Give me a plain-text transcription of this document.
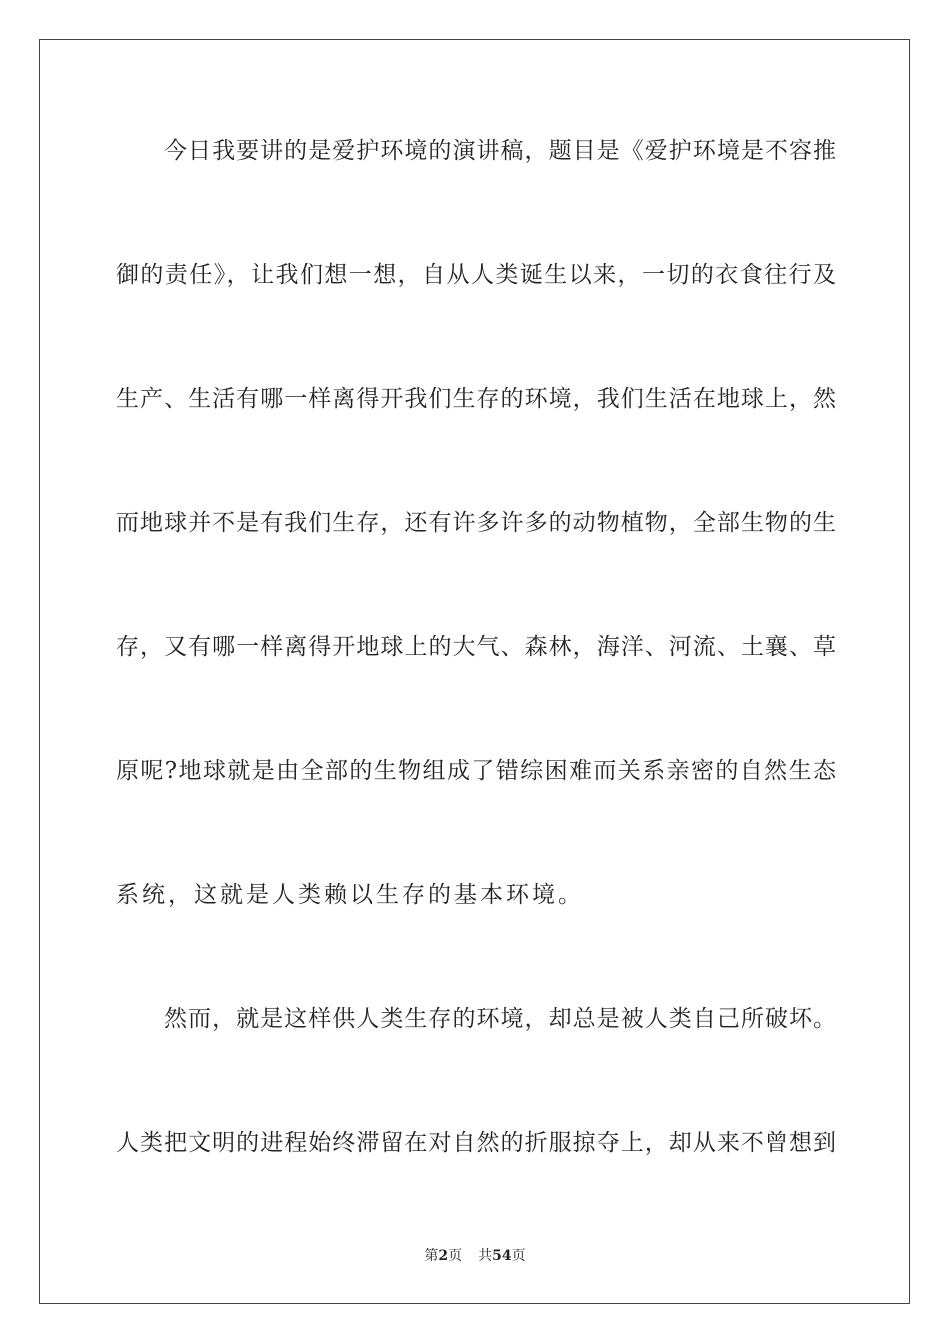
今日我要讲的是爱护环境的演讲稿，题目是《爱护环境是不容推
御的责任》，让我们想一想，自从人类诞生以来，一切的衣食往行及
生产、生活有哪一样离得开我们生存的环境，我们生活在地球上，然
而地球并不是有我们生存，还有许多许多的动物植物，全部生物的生
存，又有哪一样离得开地球上的大气、森林，海洋、河流、土襄、草
原呢?地球就是由全部的生物组成了错综困难而关系亲密的自然生态
系统，这就是人类赖以生存的基本环境。
然而，就是这样供人类生存的环境，却总是被人类自己所破坏。
人类把文明的进程始终滞留在对自然的折服掠夺上，却从来不曾想到
第2页 共54页
